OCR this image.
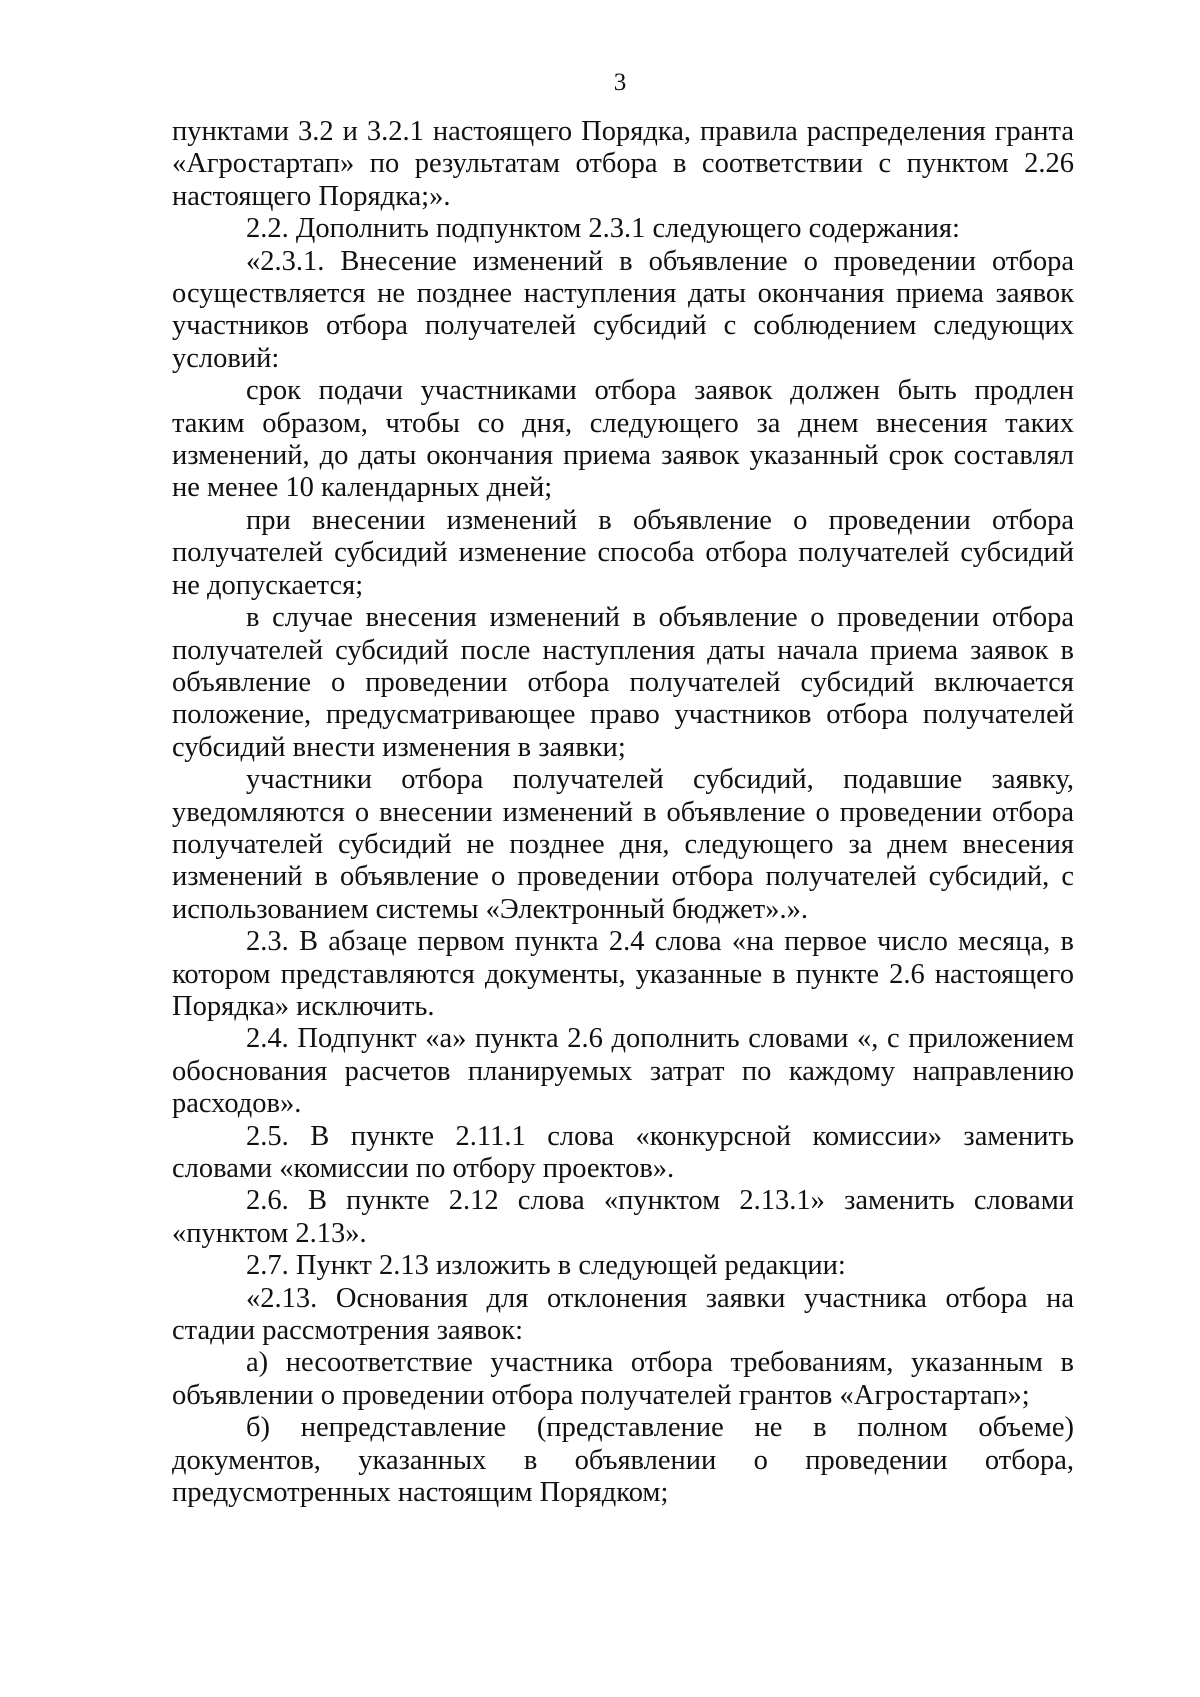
3

пунктами 3.2 и 3.2.1 настоящего Порядка, правила распределения гранта «Агростартап» по результатам отбора в соответствии с пунктом 2.26 настоящего Порядка;».

2.2. Дополнить подпунктом 2.3.1 следующего содержания:

«2.3.1. Внесение изменений в объявление о проведении отбора осуществляется не позднее наступления даты окончания приема заявок участников отбора получателей субсидий с соблюдением следующих условий:

срок подачи участниками отбора заявок должен быть продлен таким образом, чтобы со дня, следующего за днем внесения таких изменений, до даты окончания приема заявок указанный срок составлял не менее 10 календарных дней;

при внесении изменений в объявление о проведении отбора получателей субсидий изменение способа отбора получателей субсидий не допускается;

в случае внесения изменений в объявление о проведении отбора получателей субсидий после наступления даты начала приема заявок в объявление о проведении отбора получателей субсидий включается положение, предусматривающее право участников отбора получателей субсидий внести изменения в заявки;

участники отбора получателей субсидий, подавшие заявку, уведомляются о внесении изменений в объявление о проведении отбора получателей субсидий не позднее дня, следующего за днем внесения изменений в объявление о проведении отбора получателей субсидий, с использованием системы «Электронный бюджет».».

2.3. В абзаце первом пункта 2.4 слова «на первое число месяца, в котором представляются документы, указанные в пункте 2.6 настоящего Порядка» исключить.

2.4. Подпункт «а» пункта 2.6 дополнить словами «, с приложением обоснования расчетов планируемых затрат по каждому направлению расходов».

2.5. В пункте 2.11.1 слова «конкурсной комиссии» заменить словами «комиссии по отбору проектов».

2.6. В пункте 2.12 слова «пунктом 2.13.1» заменить словами «пунктом 2.13».

2.7. Пункт 2.13 изложить в следующей редакции:

«2.13. Основания для отклонения заявки участника отбора на стадии рассмотрения заявок:

а) несоответствие участника отбора требованиям, указанным в объявлении о проведении отбора получателей грантов «Агростартап»;

б) непредставление (представление не в полном объеме) документов, указанных в объявлении о проведении отбора, предусмотренных настоящим Порядком;
